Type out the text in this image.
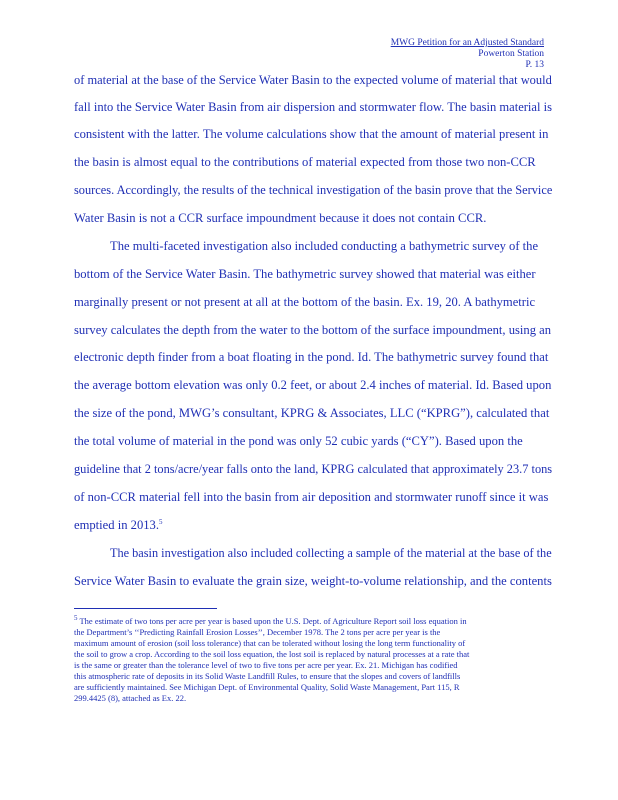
MWG Petition for an Adjusted Standard
Powerton Station
P. 13
of material at the base of the Service Water Basin to the expected volume of material that would
fall into the Service Water Basin from air dispersion and stormwater flow. The basin material is
consistent with the latter. The volume calculations show that the amount of material present in
the basin is almost equal to the contributions of material expected from those two non-CCR
sources. Accordingly, the results of the technical investigation of the basin prove that the Service
Water Basin is not a CCR surface impoundment because it does not contain CCR.
The multi-faceted investigation also included conducting a bathymetric survey of the
bottom of the Service Water Basin. The bathymetric survey showed that material was either
marginally present or not present at all at the bottom of the basin. Ex. 19, 20. A bathymetric
survey calculates the depth from the water to the bottom of the surface impoundment, using an
electronic depth finder from a boat floating in the pond. Id. The bathymetric survey found that
the average bottom elevation was only 0.2 feet, or about 2.4 inches of material. Id. Based upon
the size of the pond, MWG’s consultant, KPRG & Associates, LLC (“KPRG”), calculated that
the total volume of material in the pond was only 52 cubic yards (“CY”). Based upon the
guideline that 2 tons/acre/year falls onto the land, KPRG calculated that approximately 23.7 tons
of non-CCR material fell into the basin from air deposition and stormwater runoff since it was
emptied in 2013.$^5$
The basin investigation also included collecting a sample of the material at the base of the
Service Water Basin to evaluate the grain size, weight-to-volume relationship, and the contents
$^5$ The estimate of two tons per acre per year is based upon the U.S. Dept. of Agriculture Report soil loss equation in
the Department’s ‘‘Predicting Rainfall Erosion Losses’’, December 1978. The 2 tons per acre per year is the
maximum amount of erosion (soil loss tolerance) that can be tolerated without losing the long term functionality of
the soil to grow a crop. According to the soil loss equation, the lost soil is replaced by natural processes at a rate that
is the same or greater than the tolerance level of two to five tons per acre per year. Ex. 21. Michigan has codified
this atmospheric rate of deposits in its Solid Waste Landfill Rules, to ensure that the slopes and covers of landfills
are sufficiently maintained. See Michigan Dept. of Environmental Quality, Solid Waste Management, Part 115, R
299.4425 (8), attached as Ex. 22.
